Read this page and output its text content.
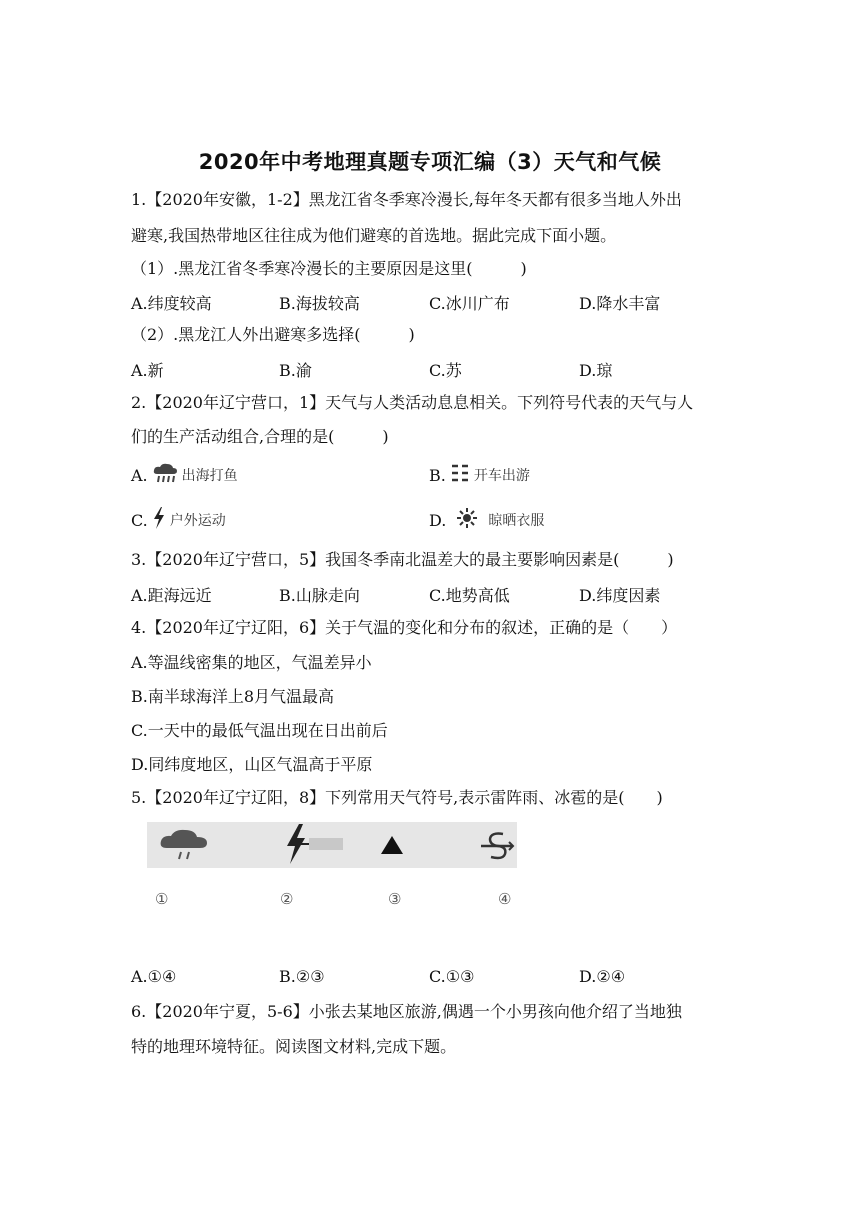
2020年中考地理真题专项汇编（3）天气和气候
1.【2020年安徽，1-2】黑龙江省冬季寒冷漫长,每年冬天都有很多当地人外出
避寒,我国热带地区往往成为他们避寒的首选地。据此完成下面小题。
（1）.黑龙江省冬季寒冷漫长的主要原因是这里(　　　)
A.纬度较高	B.海拔较高	C.冰川广布	D.降水丰富
（2）.黑龙江人外出避寒多选择(　　　)
A.新	B.渝	C.苏	D.琼
2.【2020年辽宁营口，1】天气与人类活动息息相关。下列符号代表的天气与人
们的生产活动组合,合理的是(　　　)
A. 出海打鱼	B. 开车出游
C. 户外运动	D.	晾晒衣服
3.【2020年辽宁营口，5】我国冬季南北温差大的最主要影响因素是(　　　)
A.距海远近	B.山脉走向	C.地势高低	D.纬度因素
4.【2020年辽宁辽阳，6】关于气温的变化和分布的叙述，正确的是（　　）
A.等温线密集的地区，气温差异小
B.南半球海洋上8月气温最高
C.一天中的最低气温出现在日出前后
D.同纬度地区，山区气温高于平原
5.【2020年辽宁辽阳，8】下列常用天气符号,表示雷阵雨、冰雹的是(　　)
①	②	③	④
A.①④	B.②③	C.①③	D.②④
6.【2020年宁夏，5-6】小张去某地区旅游,偶遇一个小男孩向他介绍了当地独
特的地理环境特征。阅读图文材料,完成下题。
